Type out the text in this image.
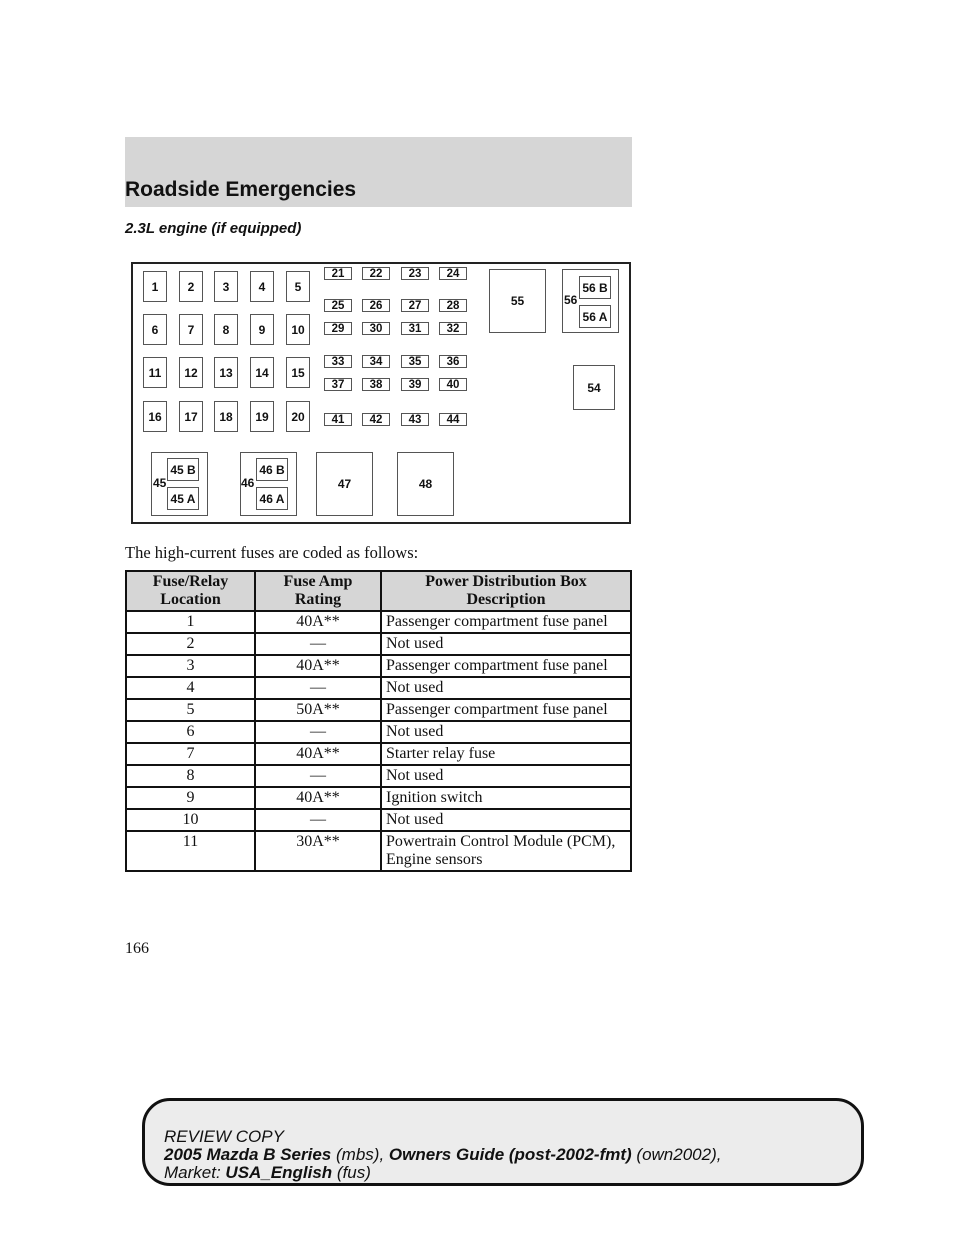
Roadside Emergencies
2.3L engine (if equipped)
55	56
56 B
56 A
54
45
45 B
45 A
46
46 B
46 A
47	48
1	2	3	4	5
6	7	8	9	10
11	12	13	14	15
16	17	18	19	20
21	22	23	24
25	26	27	28
29	30	31	32
33	34	35	36
37	38	39	40
41	42	43	44
The high-current fuses are coded as follows:
Fuse/Relay Location	Fuse Amp Rating	Power Distribution Box Description
1	40A**	Passenger compartment fuse panel
2	—	Not used
3	40A**	Passenger compartment fuse panel
4	—	Not used
5	50A**	Passenger compartment fuse panel
6	—	Not used
7	40A**	Starter relay fuse
8	—	Not used
9	40A**	Ignition switch
10	—	Not used
11	30A**	Powertrain Control Module (PCM), Engine sensors
166
REVIEW COPY
2005 Mazda B Series (mbs), Owners Guide (post-2002-fmt) (own2002),
Market: USA_English (fus)
